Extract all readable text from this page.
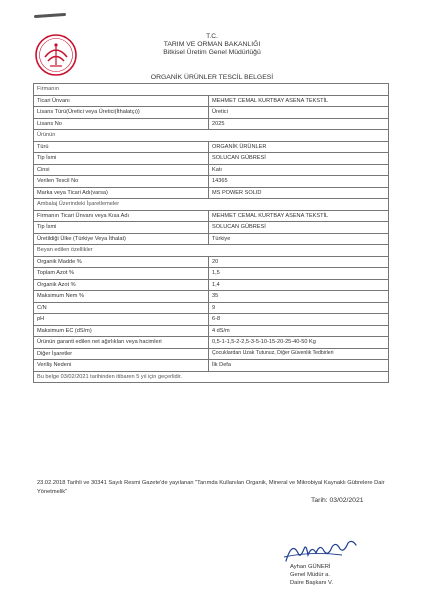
T.C.
TARIM VE ORMAN BAKANLIĞI
Bitkisel Üretim Genel Müdürlüğü
ORGANİK ÜRÜNLER TESCİL BELGESİ
Firmanın	
Ticari Ünvanı	MEHMET CEMAL KURTBAY ASENA TEKSTİL
Lisans Türü(Üretici veya Üretici(İthalatçı))	Üretici
Lisans No	2025
Ürünün	
Türü	ORGANİK ÜRÜNLER
Tip İsmi	SOLUCAN GÜBRESİ
Cinsi	Katı
Verilen Tescil No	14365
Marka veya Ticari Adı(varsa)	MS POWER SOLID
Ambalaj Üzerindeki İşaretlemeler	
Firmanın Ticari Ünvanı veya Kısa Adı	MEHMET CEMAL KURTBAY ASENA TEKSTİL
Tip İsmi	SOLUCAN GÜBRESİ
Üretildiği Ülke (Türkiye Veya İthalat)	Türkiye
Beyan edilen özellikler	
Organik Madde %	20
Toplam Azot %	1,5
Organik Azot %	1,4
Maksimum Nem %	35
C/N	9
pH	6-8
Maksimum EC (dS/m)	4 dS/m
Ürünün garanti edilen net ağırlıkları veya hacimleri	0,5-1-1,5-2-2,5-3-5-10-15-20-25-40-50 Kg
Diğer İşaretler	Çocuklardan Uzak Tutunuz, Diğer Güvenlik Tedbirleri
Veriliş Nedeni	İlk Defa
Bu belge 03/02/2021 tarihinden itibaren 5 yıl için geçerlidir.	
23.02.2018 Tarihli ve 30341 Sayılı Resmi Gazete'de yayılanan "Tarımda Kullanılan Organik, Mineral ve Mikrobiyal Kaynaklı Gübrelere Dair Yönetmelik"
Tarih: 03/02/2021
Ayhan GÜNERİ
Genel Müdür a.
Daire Başkanı V.
